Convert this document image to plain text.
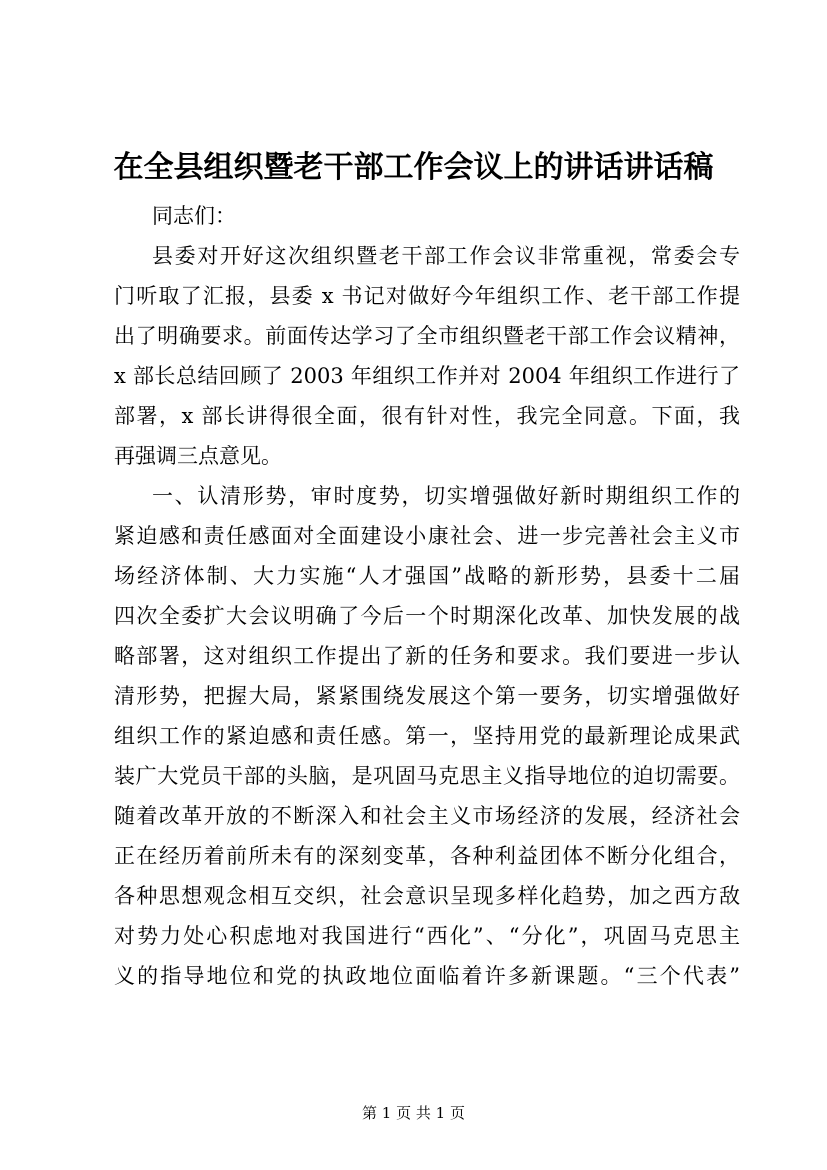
在全县组织暨老干部工作会议上的讲话讲话稿
同志们：
县委对开好这次组织暨老干部工作会议非常重视，常委会专
门听取了汇报，县委 x 书记对做好今年组织工作、老干部工作提
出了明确要求。前面传达学习了全市组织暨老干部工作会议精神，
x 部长总结回顾了 2003 年组织工作并对 2004 年组织工作进行了
部署，x 部长讲得很全面，很有针对性，我完全同意。下面，我
再强调三点意见。
一、认清形势，审时度势，切实增强做好新时期组织工作的
紧迫感和责任感面对全面建设小康社会、进一步完善社会主义市
场经济体制、大力实施“人才强国”战略的新形势，县委十二届
四次全委扩大会议明确了今后一个时期深化改革、加快发展的战
略部署，这对组织工作提出了新的任务和要求。我们要进一步认
清形势，把握大局，紧紧围绕发展这个第一要务，切实增强做好
组织工作的紧迫感和责任感。第一，坚持用党的最新理论成果武
装广大党员干部的头脑，是巩固马克思主义指导地位的迫切需要。
随着改革开放的不断深入和社会主义市场经济的发展，经济社会
正在经历着前所未有的深刻变革，各种利益团体不断分化组合，
各种思想观念相互交织，社会意识呈现多样化趋势，加之西方敌
对势力处心积虑地对我国进行“西化”、“分化”，巩固马克思主
义的指导地位和党的执政地位面临着许多新课题。“三个代表”
第 1 页 共 1 页
